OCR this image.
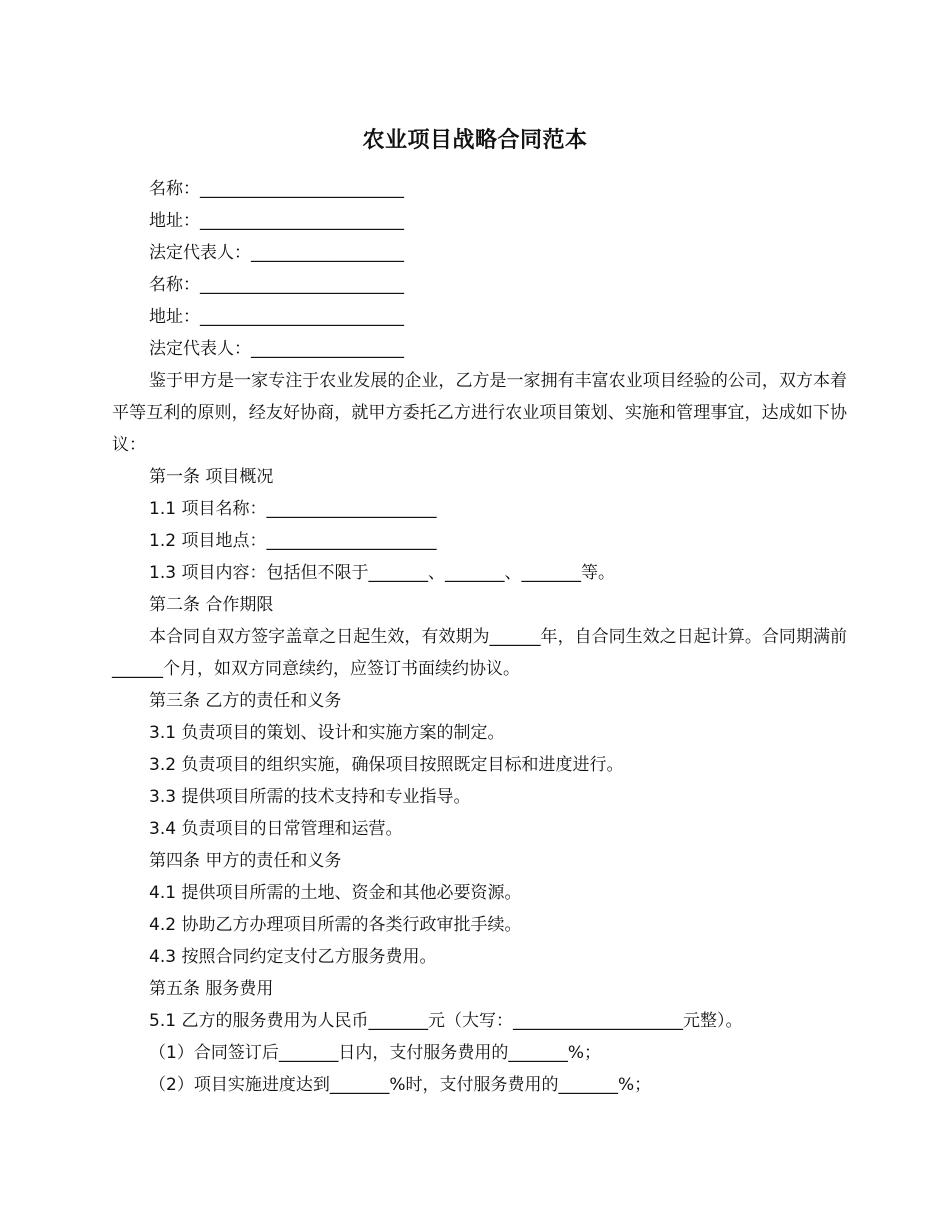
农业项目战略合同范本

名称：________________________

地址：________________________

法定代表人：__________________

名称：________________________

地址：________________________

法定代表人：__________________

鉴于甲方是一家专注于农业发展的企业，乙方是一家拥有丰富农业项目经验的公司，双方本着平等互利的原则，经友好协商，就甲方委托乙方进行农业项目策划、实施和管理事宜，达成如下协议：

第一条 项目概况

1.1 项目名称：____________________

1.2 项目地点：____________________

1.3 项目内容：包括但不限于_______、_______、_______等。

第二条 合作期限

本合同自双方签字盖章之日起生效，有效期为______年，自合同生效之日起计算。合同期满前______个月，如双方同意续约，应签订书面续约协议。

第三条 乙方的责任和义务

3.1 负责项目的策划、设计和实施方案的制定。

3.2 负责项目的组织实施，确保项目按照既定目标和进度进行。

3.3 提供项目所需的技术支持和专业指导。

3.4 负责项目的日常管理和运营。

第四条 甲方的责任和义务

4.1 提供项目所需的土地、资金和其他必要资源。

4.2 协助乙方办理项目所需的各类行政审批手续。

4.3 按照合同约定支付乙方服务费用。

第五条 服务费用

5.1 乙方的服务费用为人民币_______元（大写：____________________元整）。

（1）合同签订后_______日内，支付服务费用的_______%；

（2）项目实施进度达到_______%时，支付服务费用的_______%；
